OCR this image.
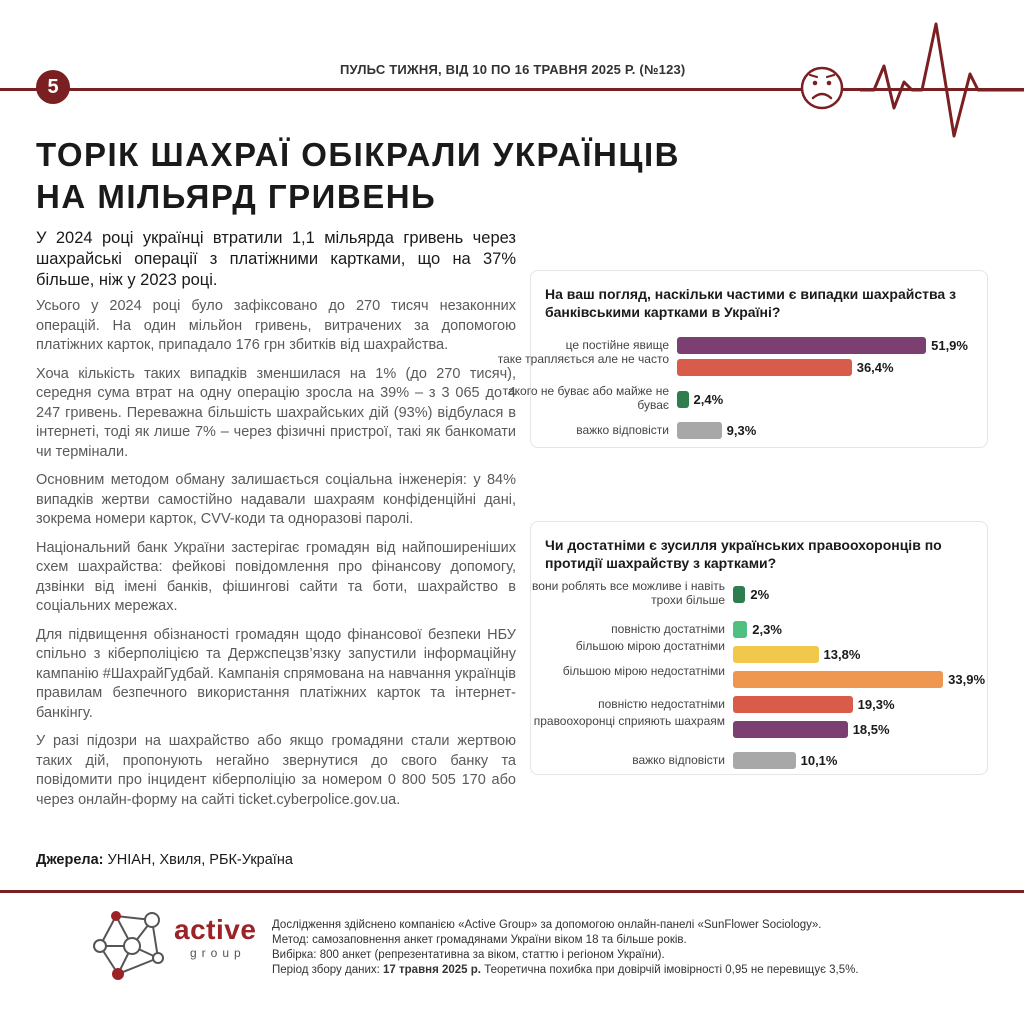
5
ПУЛЬС ТИЖНЯ, ВІД 10 ПО 16 ТРАВНЯ 2025 Р. (№123)
ТОРІК ШАХРАЇ ОБІКРАЛИ УКРАЇНЦІВ
НА МІЛЬЯРД ГРИВЕНЬ
У 2024 році українці втратили 1,1 мільярда гривень через шахрайські операції з платіжними картками, що на 37% більше, ніж у 2023 році.

Усього у 2024 році було зафіксовано до 270 тисяч незаконних операцій. На один мільйон гривень, витрачених за допомогою платіжних карток, припадало 176 грн збитків від шахрайства.

Хоча кількість таких випадків зменшилася на 1% (до 270 тисяч), середня сума втрат на одну операцію зросла на 39% – з 3 065 до 4 247 гривень. Переважна більшість шахрайських дій (93%) відбулася в інтернеті, тоді як лише 7% – через фізичні пристрої, такі як банкомати чи термінали.

Основним методом обману залишається соціальна інженерія: у 84% випадків жертви самостійно надавали шахраям конфіденційні дані, зокрема номери карток, CVV-коди та одноразові паролі.

Національний банк України застерігає громадян від найпоширеніших схем шахрайства: фейкові повідомлення про фінансову допомогу, дзвінки від імені банків, фішингові сайти та боти, шахрайство в соціальних мережах.

Для підвищення обізнаності громадян щодо фінансової безпеки НБУ спільно з кіберполіцією та Держспецзв’язку запустили інформаційну кампанію #ШахрайГудбай. Кампанія спрямована на навчання українців правилам безпечного використання платіжних карток та інтернет-банкінгу.

У разі підозри на шахрайство або якщо громадяни стали жертвою таких дій, пропонують негайно звернутися до свого банку та повідомити про інцидент кіберполіцію за номером 0 800 505 170 або через онлайн-форму на сайті ticket.cyberpolice.gov.ua.

Джерела: УНІАН, Хвиля, РБК-Україна
На ваш погляд, наскільки частими є випадки шахрайства з банківськими картками в Україні?
це постійне явище	51,9%
таке трапляється але не часто
36,4%
такого не буває або майже не буває 2,4%
важко відповісти	9,3%
Чи достатніми є зусилля українських правоохоронців по протидії шахрайству з картками?
вони роблять все можливе і навіть трохи більше 2%
повністю достатніми 2,3%
більшою мірою достатніми
13,8%
більшою мірою недостатніми
33,9%
повністю недостатніми	19,3%
правоохоронці сприяють шахраям
18,5%
важко відповісти	10,1%
active
group
Дослідження здійснено компанією «Active Group» за допомогою онлайн-панелі «SunFlower Sociology».
Метод: самозаповнення анкет громадянами України віком 18 та більше років.
Вибірка: 800 анкет (репрезентативна за віком, статтю і регіоном України).
Період збору даних: 17 травня 2025 р. Теоретична похибка при довірчій імовірності 0,95 не перевищує 3,5%.
